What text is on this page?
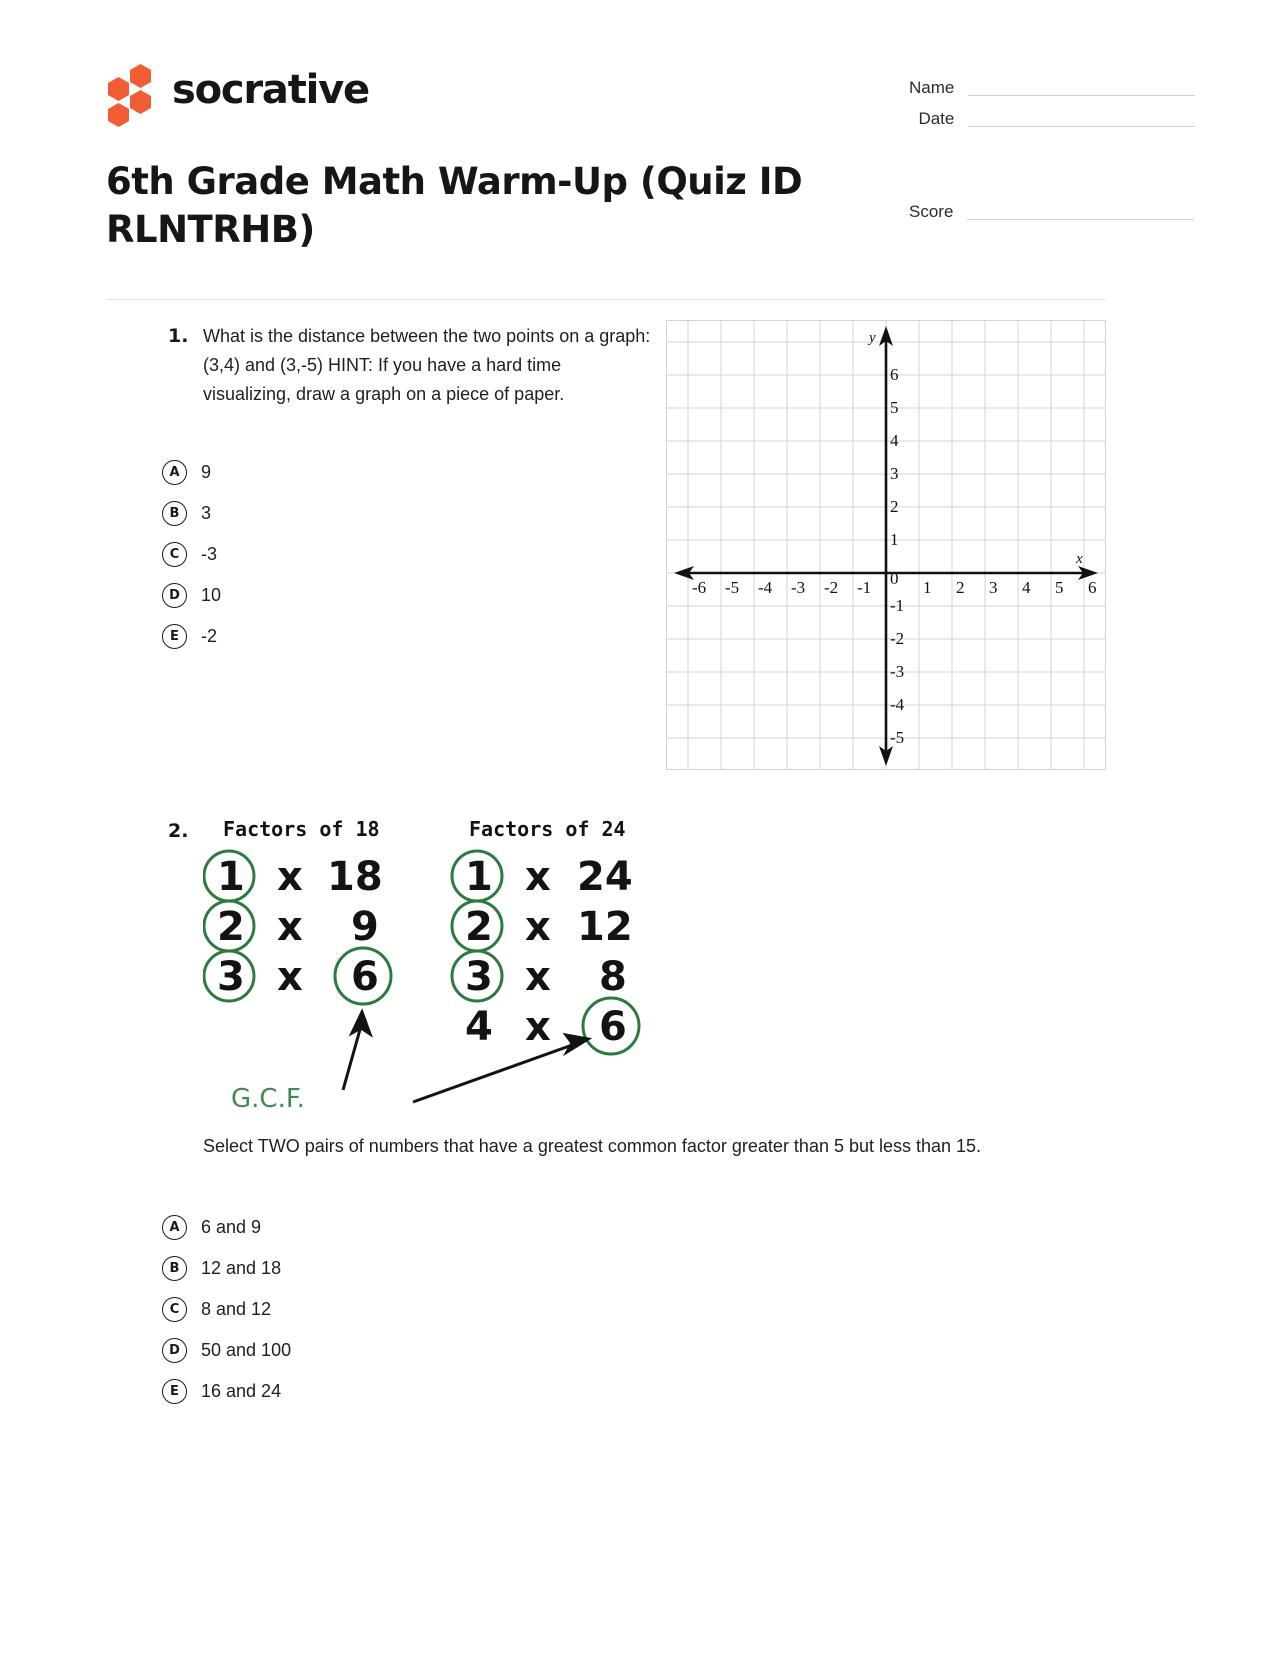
socrative
6th Grade Math Warm-Up (Quiz ID RLNTRHB)
Name
Date
Score
1. What is the distance between the two points on a graph: (3,4) and (3,-5) HINT: If you have a hard time visualizing, draw a graph on a piece of paper.
A	9
B	3
C	-3
D	10
E	-2
y
x
6
5
4
3
2
1
0
-1
-2
-3
-4
-5
-6 -5 -4 -3 -2 -1	1 2 3 4 5 6
2. Factors of 18	Factors of 24
1 x 18
2 x 9
3 x 6
1 x 24
2 x 12
3 x 8
4 x 6
G.C.F.
Select TWO pairs of numbers that have a greatest common factor greater than 5 but less than 15.
A	6 and 9
B	12 and 18
C	8 and 12
D	50 and 100
E	16 and 24
